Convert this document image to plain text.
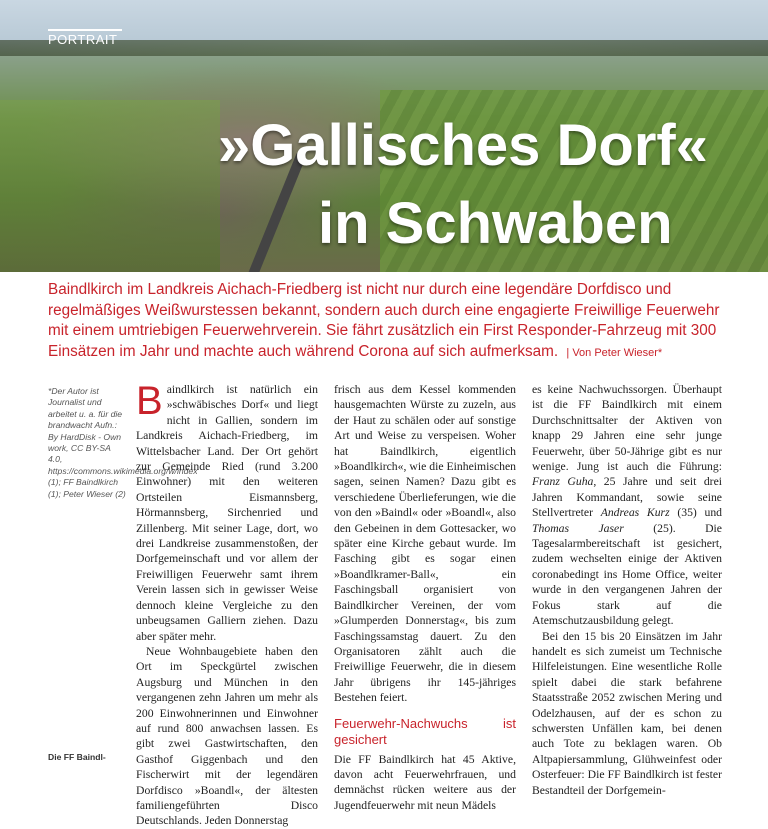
PORTRAIT
»Gallisches Dorf«
in Schwaben
Baindlkirch im Landkreis Aichach-Friedberg ist nicht nur durch eine legendäre Dorfdisco und regelmäßiges Weißwurstessen bekannt, sondern auch durch eine engagierte Freiwillige Feuerwehr mit einem umtriebigen Feuerwehrverein. Sie fährt zusätzlich ein First Responder-Fahrzeug mit 300 Einsätzen im Jahr und machte auch während Corona auf sich aufmerksam. | Von Peter Wieser*
*Der Autor ist Journalist und arbeitet u. a. für die brandwacht Aufn.: By HardDisk - Own work, CC BY-SA 4.0, https://commons.wikimedia.org/w/index (1); FF Baindlkirch (1); Peter Wieser (2)
Die FF Baindl-

Baindlkirch ist natürlich ein »schwäbisches Dorf« und liegt nicht in Gallien, sondern im Landkreis Aichach-Friedberg, im Wittelsbacher Land. Der Ort gehört zur Gemeinde Ried (rund 3.200 Einwohner) mit den weiteren Ortsteilen Eismannsberg, Hörmannsberg, Sirchenried und Zillenberg. Mit seiner Lage, dort, wo drei Landkreise zusammenstoßen, der Dorfgemeinschaft und vor allem der Freiwilligen Feuerwehr samt ihrem Verein lassen sich in gewisser Weise dennoch kleine Vergleiche zu den unbeugsamen Galliern ziehen. Dazu aber später mehr.

Neue Wohnbaugebiete haben den Ort im Speckgürtel zwischen Augsburg und München in den vergangenen zehn Jahren um mehr als 200 Einwohnerinnen und Einwohner auf rund 800 anwachsen lassen. Es gibt zwei Gastwirtschaften, den Gasthof Giggenbach und den Fischerwirt mit der legendären Dorfdisco »Boandl«, der ältesten familiengeführten Disco Deutschlands. Jeden Donnerstag

frisch aus dem Kessel kommenden hausgemachten Würste zu zuzeln, aus der Haut zu schälen oder auf sonstige Art und Weise zu verspeisen. Woher hat Baindlkirch, eigentlich »Boandlkirch«, wie die Einheimischen sagen, seinen Namen? Dazu gibt es verschiedene Überlieferungen, wie die von den »Baindl« oder »Boandl«, also den Gebeinen in dem Gottesacker, wo später eine Kirche gebaut wurde. Im Fasching gibt es sogar einen »Boandlkramer-Ball«, ein Faschingsball organisiert von Baindlkircher Vereinen, der vom »Glumperden Donnerstag«, bis zum Faschingssamstag dauert. Zu den Organisatoren zählt auch die Freiwillige Feuerwehr, die in diesem Jahr übrigens ihr 145-jähriges Bestehen feiert.

Feuerwehr-Nachwuchs ist gesichert

Die FF Baindlkirch hat 45 Aktive, davon acht Feuerwehrfrauen, und demnächst rücken weitere aus der Jugendfeuerwehr mit neun Mädels

es keine Nachwuchssorgen. Überhaupt ist die FF Baindlkirch mit einem Durchschnittsalter der Aktiven von knapp 29 Jahren eine sehr junge Feuerwehr, über 50-Jährige gibt es nur wenige. Jung ist auch die Führung: Franz Guha, 25 Jahre und seit drei Jahren Kommandant, sowie seine Stellvertreter Andreas Kurz (35) und Thomas Jaser	(25). Die Tagesalarmbereitschaft ist gesichert, zudem wechselten einige der Aktiven coronabedingt ins Home Office, weiter wurde in den vergangenen Jahren der Fokus stark auf die Atemschutzausbildung gelegt.

Bei den 15 bis 20 Einsätzen im Jahr handelt es sich zumeist um Technische Hilfeleistungen. Eine wesentliche Rolle spielt dabei die stark befahrene Staatsstraße 2052 zwischen Mering und Odelzhausen, auf der es schon zu schwersten Unfällen kam, bei denen auch Tote zu beklagen waren. Ob Altpapiersammlung, Glühweinfest oder Osterfeuer: Die FF Baindlkirch ist fester Bestandteil der Dorfgemein-
